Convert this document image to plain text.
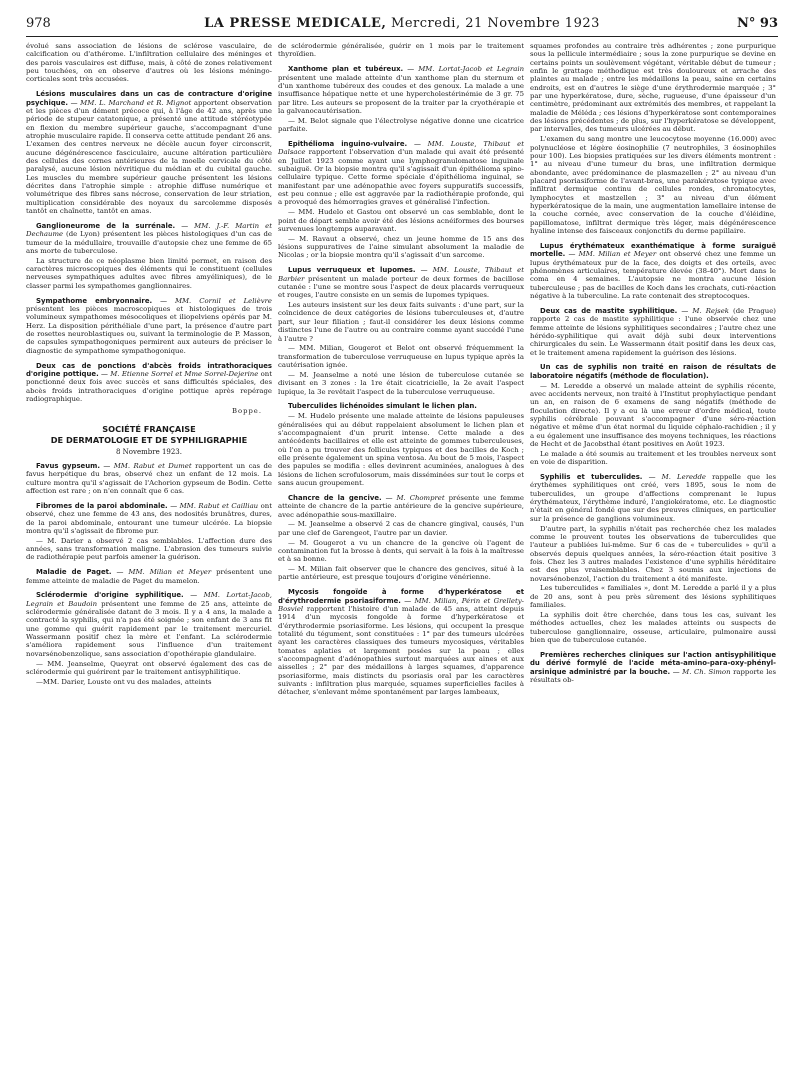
978	LA PRESSE MEDICALE, Mercredi, 21 Novembre 1923	N° 93

évolué sans association de lésions de sclérose vasculaire, de calcification ou d'athérome. L'infiltration cellulaire des méninges et des parois vasculaires est diffuse, mais, à côté de zones relativement peu touchées, on en observe d'autres où les lésions méningo-corticales sont très accusées.

Lésions musculaires dans un cas de contracture d'origine psychique. — MM. L. Marchand et R. Mignot apportent observation et les pièces d'un dément précoce qui, à l'âge de 42 ans, après une période de stupeur catatonique, a présenté une attitude stéréotypée en flexion du membre supérieur gauche, s'accompagnant d'une atrophie musculaire rapide. Il conserva cette attitude pendant 26 ans. L'examen des centres nerveux ne décèle aucun foyer circonscrit, aucune dégénérescence fasciculaire, aucune altération particulière des cellules des cornes antérieures de la moelle cervicale du côté paralysé, aucune lésion névritique du médian et du cubital gauche. Les muscles du membre supérieur gauche présentent les lésions décrites dans l'atrophie simple : atrophie diffuse numérique et volumétrique des fibres sans nécrose, conservation de leur striation, multiplication considérable des noyaux du sarcolemme disposés tantôt en chaînette, tantôt en amas.

Ganglioneurome de la surrénale. — MM. J.-F. Martin et Dechaume (de Lyon) présentent les pièces histologiques d'un cas de tumeur de la médullaire, trouvaille d'autopsie chez une femme de 65 ans morte de tuberculose.

La structure de ce néoplasme bien limité permet, en raison des caractères microscopiques des éléments qui le constituent (cellules nerveuses sympathiques adultes avec fibres amyéliniques), de le classer parmi les sympathomes ganglionnaires.

Sympathome embryonnaire. — MM. Cornil et Lelièvre présentent les pièces macroscopiques et histologiques de trois volumineux sympathomes mésocoliques et iliopelviens opérés par M. Herz. La disposition périthéliale d'une part, la présence d'autre part de rosettes neuroblastiques ou, suivant la terminologie de P. Masson, de capsules sympathogoniques permirent aux auteurs de préciser le diagnostic de sympathome sympathogonique.

Deux cas de ponctions d'abcès froids intrathoraciques d'origine pottique. — M. Etienne Sorrel et Mme Sorrel-Dejerine ont ponctionné deux fois avec succès et sans difficultés spéciales, des abcès froids intrathoraciques d'origine pottique après repérage radiographique.

Boppe.
SOCIÉTÉ FRANÇAISE
DE DERMATOLOGIE ET DE SYPHILIGRAPHIE
8 Novembre 1923.

Favus gypseum. — MM. Rabut et Dumet rapportent un cas de favus herpétique du bras, observé chez un enfant de 12 mois. La culture montra qu'il s'agissait de l'Achorion gypseum de Bodin. Cette affection est rare ; on n'en connaît que 6 cas.

Fibromes de la paroi abdominale. — MM. Rabut et Cailliau ont observé, chez une femme de 43 ans, des nodosités brunâtres, dures, de la paroi abdominale, entourant une tumeur ulcérée. La biopsie montra qu'il s'agissait de fibrome pur.

— M. Darier a observé 2 cas semblables. L'affection dure des années, sans transformation maligne. L'abrasion des tumeurs suivie de radiothérapie peut parfois amener la guérison.

Maladie de Paget. — MM. Milian et Meyer présentent une femme atteinte de maladie de Paget du mamelon.

Sclérodermie d'origine syphilitique. — MM. Lortat-Jacob, Legrain et Baudoin présentent une femme de 25 ans, atteinte de sclérodermie généralisée datant de 3 mois. Il y a 4 ans, la malade a contracté la syphilis, qui n'a pas été soignée ; son enfant de 3 ans fit une gomme qui guérit rapidement par le traitement mercuriel. Wassermann positif chez la mère et l'enfant. La sclérodermie s'améliora rapidement sous l'influence d'un traitement novarsénobenzolique, sans association d'opothérapie glandulaire.

— MM. Jeanselme, Queyrat ont observé également des cas de sclérodermie qui guérirent par le traitement antisyphilitique.

—MM. Darier, Louste ont vu des malades, atteints

de sclérodermie généralisée, guérir en 1 mois par le traitement thyroïdien.

Xanthome plan et tubéreux. — MM. Lortat-Jacob et Legrain présentent une malade atteinte d'un xanthome plan du sternum et d'un xanthome tubéreux des coudes et des genoux. La malade a une insuffisance hépatique nette et une hypercholestérinémie de 3 gr. 75 par litre. Les auteurs se proposent de la traiter par la cryothérapie et la galvanocautérisation.

— M. Belot signale que l'électrolyse négative donne une cicatrice parfaite.

Epithélioma inguino-vulvaire. — MM. Louste, Thibaut et Dalsace rapportent l'observation d'un malade qui avait été présenté en Juillet 1923 comme ayant une lymphogranulomatose inguinale subaiguë. Or la biopsie montra qu'il s'agissait d'un épithélioma spino-cellulaire typique. Cette forme spéciale d'épithélioma inguinal, se manifestant par une adénopathie avec foyers suppuratifs successifs, est peu connue ; elle est aggravée par la radiothérapie profonde, qui a provoqué des hémorragies graves et généralisé l'infection.

— MM. Hudelo et Gastou ont observé un cas semblable, dont le point de départ semble avoir été des lésions acnéiformes des bourses survenues longtemps auparavant.

— M. Ravaut a observé, chez un jeune homme de 15 ans des lésions suppuratives de l'aine simulant absolument la maladie de Nicolas ; or la biopsie montra qu'il s'agissait d'un sarcome.

Lupus verruqueux et lupomes. — MM. Louste, Thibaut et Barbier présentent un malade porteur de deux formes de bacillose cutanée : l'une se montre sous l'aspect de deux placards verruqueux et rouges, l'autre consiste en un semis de lupomes typiques.

Les auteurs insistent sur les deux faits suivants : d'une part, sur la coïncidence de deux catégories de lésions tuberculeuses et, d'autre part, sur leur filiation ; faut-il considérer les deux lésions comme distinctes l'une de l'autre ou au contraire comme ayant succédé l'une à l'autre ?

— MM. Milian, Gougerot et Belot ont observé fréquemment la transformation de tuberculose verruqueuse en lupus typique après la cautérisation ignée.

— M. Jeanselme a noté une lésion de tuberculose cutanée se divisant en 3 zones : la 1re était cicatricielle, la 2e avait l'aspect lupique, la 3e revêtait l'aspect de la tuberculose verruqueuse.

Tuberculides lichénoïdes simulant le lichen plan.

— M. Hudelo présente une malade atteinte de lésions papuleuses généralisées qui au début rappelaient absolument le lichen plan et s'accompagnaient d'un prurit intense. Cette malade a des antécédents bacillaires et elle est atteinte de gommes tuberculeuses, où l'on a pu trouver des follicules typiques et des bacilles de Koch ; elle présente également un spina ventosa. Au bout de 5 mois, l'aspect des papules se modifia : elles devinrent acuminées, analogues à des lésions de lichen scrofulosorum, mais disséminées sur tout le corps et sans aucun groupement.

Chancre de la gencive. — M. Chompret présente une femme atteinte de chancre de la partie antérieure de la gencive supérieure, avec adénopathie sous-maxillaire.

— M. Jeanselme a observé 2 cas de chancre gingival, causés, l'un par une clef de Garengeot, l'autre par un davier.

— M. Gougerot a vu un chancre de la gencive où l'agent de contamination fut la brosse à dents, qui servait à la fois à la maîtresse et à sa bonne.

— M. Milian fait observer que le chancre des gencives, situé à la partie antérieure, est presque toujours d'origine vénérienne.

Mycosis fongoïde à forme d'hyperkératose et d'érythrodermie psoriasiforme. — MM. Milian, Périn et Grellety-Bosviel rapportent l'histoire d'un malade de 45 ans, atteint depuis 1914 d'un mycosis fongoïde à forme d'hyperkératose et d'érythrodermie psoriasiforme. Les lésions, qui occupent la presque totalité du tégument, sont constituées : 1° par des tumeurs ulcérées ayant les caractères classiques des tumeurs mycosiques, véritables tomates aplaties et largement posées sur la peau ; elles s'accompagnent d'adénopathies surtout marquées aux aines et aux aisselles ; 2° par des médaillons à larges squames, d'apparence psoriasiforme, mais distincts du psoriasis oral par les caractères suivants : infiltration plus marquée, squames superficielles faciles à détacher, s'enlevant même spontanément par larges lambeaux,

squames profondes au contraire très adhérentes ; zone purpurique sous la pellicule intermédiaire ; sous la zone purpurique se devine en certains points un soulèvement végétant, véritable début de tumeur ; enfin le grattage méthodique est très douloureux et arrache des plaintes au malade ; entre les médaillons la peau, saine en certains endroits, est en d'autres le siège d'une érythrodermie marquée ; 3° par une hyperkératose, dure, sèche, rugueuse, d'une épaisseur d'un centimètre, prédominant aux extrémités des membres, et rappelant la maladie de Méléda ; ces lésions d'hyperkératose sont contemporaines des lésions précédentes ; de plus, sur l'hyperkératose se développent, par intervalles, des tumeurs ulcérées au début.

L'examen du sang montre une leucocytose moyenne (16.000) avec polynucléose et légère éosinophilie (7 neutrophiles, 3 éosinophiles pour 100). Les biopsies pratiquées sur les divers éléments montrent : 1° au niveau d'une tumeur du bras, une infiltration dermique abondante, avec prédominance de plasmazellen ; 2° au niveau d'un placard psoriasiforme de l'avant-bras, une parakératose typique avec infiltrat dermique continu de cellules rondes, chromatocytes, lymphocytes et mastzellen ; 3° au niveau d'un élément hyperkératosique de la main, une augmentation lamellaire intense de la couche cornée, avec conservation de la couche d'éléidine, papillomatose, infiltrat dermique très léger, mais dégénérescence hyaline intense des faisceaux conjonctifs du derme papillaire.

Lupus érythémateux exanthématique à forme suraiguë mortelle. — MM. Milian et Meyer ont observé chez une femme un lupus érythémateux pur de la face, des doigts et des orteils, avec phénomènes articulaires, température élevée (38-40°). Mort dans le coma en 4 semaines. L'autopsie ne montra aucune lésion tuberculeuse ; pas de bacilles de Koch dans les crachats, cuti-réaction négative à la tuberculine. La rate contenait des streptocoques.

Deux cas de mastite syphilitique. — M. Rejsek (de Prague) rapporte 2 cas de mastite syphilitique : l'une observée chez une femme atteinte de lésions syphilitiques secondaires ; l'autre chez une hérédo-syphilitique qui avait déjà subi deux interventions chirurgicales du sein. Le Wassermann était positif dans les deux cas, et le traitement amena rapidement la guérison des lésions.

Un cas de syphilis non traité en raison de résultats de laboratoire négatifs (méthode de floculation).

— M. Leredde a observé un malade atteint de syphilis récente, avec accidents nerveux, non traité à l'Institut prophylactique pendant un an, en raison de 6 examens de sang négatifs (méthode de floculation directe). Il y a eu là une erreur d'ordre médical, toute syphilis cérébrale pouvant s'accompagner d'une séro-réaction négative et même d'un état normal du liquide céphalo-rachidien ; il y a eu également une insuffisance des moyens techniques, les réactions de Hecht et de Jacobsthal étant positives en Août 1923.

Le malade a été soumis au traitement et les troubles nerveux sont en voie de disparition.

Syphilis et tuberculides. — M. Leredde rappelle que les érythèmes syphilitiques ont créé, vers 1895, sous le nom de tuberculides, un groupe d'affections comprenant le lupus érythémateux, l'érythème induré, l'angiokératome, etc. Le diagnostic n'était en général fondé que sur des preuves cliniques, en particulier sur la présence de ganglions volumineux.

D'autre part, la syphilis n'était pas recherchée chez les malades comme le prouvent toutes les observations de tuberculides que l'auteur a publiées lui-même. Sur 6 cas de « tuberculides » qu'il a observés depuis quelques années, la séro-réaction était positive 3 fois. Chez les 3 autres malades l'existence d'une syphilis héréditaire est des plus vraisemblables. Chez 3 soumis aux injections de novarsénobenzol, l'action du traitement a été manifeste.

Les tuberculides « familiales », dont M. Leredde a parlé il y a plus de 20 ans, sont à peu près sûrement des lésions syphilitiques familiales.

La syphilis doit être cherchée, dans tous les cas, suivant les méthodes actuelles, chez les malades atteints ou suspects de tuberculose ganglionnaire, osseuse, articulaire, pulmonaire aussi bien que de tuberculose cutanée.

Premières recherches cliniques sur l'action antisyphilitique du dérivé formylé de l'acide méta-amino-para-oxy-phényl-arsinique administré par la bouche. — M. Ch. Simon rapporte les résultats ob-
